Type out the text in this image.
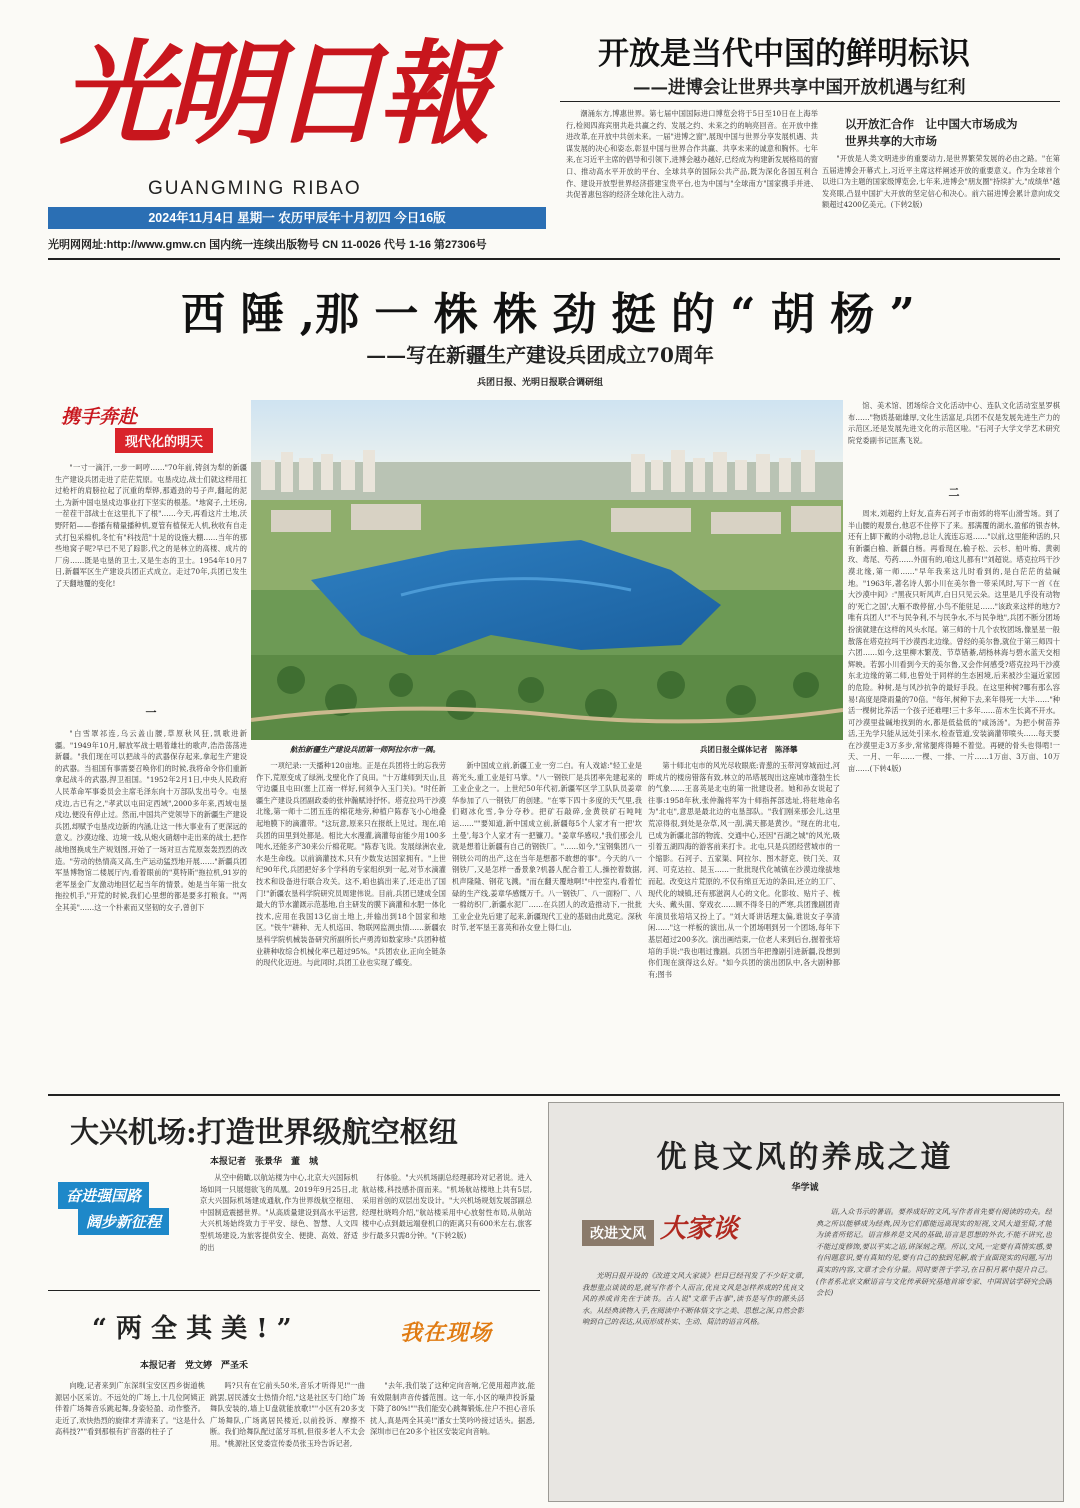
光明日報
GUANGMING RIBAO
2024年11月4日 星期一 农历甲辰年十月初四 今日16版
光明网网址:http://www.gmw.cn 国内统一连续出版物号 CN 11-0026 代号 1-16 第27306号
开放是当代中国的鲜明标识
——进博会让世界共享中国开放机遇与红利

潮涌东方,博惠世界。第七届中国国际进口博览会将于5日至10日在上海举行,检阅四海宾朋共赴共赢之约、发展之约、未来之约的响亮回音。在开放中推进改革,在开放中共创未来。一届"进博之窗",展现中国与世界分享发展机遇、共谋发展的决心和姿态,彰显中国与世界合作共赢、共享未来的诚意和胸怀。七年来,在习近平主席的倡导和引领下,进博会越办越好,已经成为构建新发展格局的窗口、推动高水平开放的平台、全球共享的国际公共产品,既为深化各国互利合作、建设开放型世界经济搭建宝贵平台,也为中国与"全球南方"国家携手并进、共促普惠包容的经济全球化注入动力。

以开放汇合作　让中国大市场成为
世界共享的大市场

"开放是人类文明进步的重要动力,是世界繁荣发展的必由之路。"在第五届进博会开幕式上,习近平主席这样阐述开放的重要意义。作为全球首个以进口为主题的国家级博览会,七年来,进博会"朋友圈"持续扩大,"成绩单"越发亮眼,凸显中国扩大开放的坚定信心和决心。前六届进博会累计意向成交额超过4200亿美元。(下转2版)

西 陲 ,那 一 株 株 劲 挺 的 “ 胡 杨 ”
——写在新疆生产建设兵团成立70周年
兵团日报、光明日报联合调研组
携手奔赴
现代化的明天

"一寸一滴汗,一步一呵哼……"70年前,铸剑为犁的新疆生产建设兵团走进了茫茫荒原。屯垦戍边,战士们就这样用扛过枪杆的肩膀拉起了沉重的犁铧,那遒劲的号子声,翻起的泥土,为新中国屯垦戍边事业打下坚实的根基。"地窝子,土坯房,一茬茬干部战士在这里扎下了根"……今天,再看这片土地,沃野阡陌——春播有精量播种机,夏管有植保无人机,秋收有自走式打包采棉机,冬忙有"科技范"十足的设施大棚……当年的那些地窝子呢?早已不见了踪影,代之的是林立的高楼、成片的厂房……既是屯垦的卫士,又是生态的卫士。1954年10月7日,新疆军区生产建设兵团正式成立。走过70年,兵团已发生了天翻地覆的变化!

一

"白雪罩祁连,乌云盖山腰,草原秋风狂,凯歌进新疆。"1949年10月,解放军战士唱着雄壮的歌声,浩浩荡荡进新疆。"我们现在可以把战斗的武器保存起来,拿起生产建设的武器。当祖国有事需要召唤你们的时候,我将命令你们重新拿起战斗的武器,捍卫祖国。"1952年2月1日,中央人民政府人民革命军事委员会主席毛泽东向十万部队发出号令。屯垦戍边,古已有之,"孝武以屯田定西域",2000多年来,西域屯垦戍边,便没有停止过。然而,中国共产党领导下的新疆生产建设兵团,却赋予屯垦戍边新的内涵,让这一伟大事业有了更深远的意义。沙漠边缘、边境一线,从炮火硝烟中走出来的战士,把作战地图换成生产规划图,开始了一场对亘古荒原轰轰烈烈的改造。"劳动的热情高又高,生产运动猛烈地开展……"新疆兵团军垦博物馆二楼展厅内,看着眼前的"莫特斯"拖拉机,91岁的老军垦金广友激动地回忆起当年的情景。她是当年第一批女拖拉机手,"开荒的时候,我们心里想的都是要多打粮食。""两全其美"……这一个朴素而又坚韧的女子,曾创下

航拍新疆生产建设兵团第一师阿拉尔市一隅。	兵团日报全媒体记者　陈泽攀

一项纪录:一天播种120亩地。正是在兵团将士的忘我劳作下,荒原变成了绿洲,戈壁化作了良田。"十万雄师到天山,且守边疆且屯田(塞上江南一样好,何须争入玉门关)。"时任新疆生产建设兵团副政委的张仲瀚赋诗抒怀。塔克拉玛干沙漠北缘,第一师十二团五连的棉花地旁,种植户陈春飞小心地叠起地膜下的滴灌带。"这玩意,原来只在报纸上见过。现在,咱兵团的田里到处都是。相比大水漫灌,滴灌每亩能少用100多吨水,还能多产30来公斤棉花呢。"陈春飞说。发展绿洲农业,水是生命线。以前滴灌技术,只有少数发达国家拥有。"上世纪90年代,兵团把好多个学科的专家组织到一起,对节水滴灌技术和设备进行联合攻关。这不,咱也搞出来了,还走出了国门!"新疆农垦科学院研究员周建伟说。目前,兵团已建成全国最大的节水灌溉示范基地,自主研发的膜下滴灌和水肥一体化技术,应用在我国13亿亩土地上,并输出到18个国家和地区。"铁牛"耕种、无人机巡田、物联网监测虫情……新疆农垦科学院机械装备研究所副所长卢勇涛如数家珍:"兵团种植业耕种收综合机械化率已超过95%。"兵团农业,正向全链条的现代化迈进。与此同时,兵团工业也实现了蝶变。

新中国成立前,新疆工业一穷二白。有人戏谑:"轻工业是蒋光头,重工业是钉马掌。"八一钢铁厂是兵团率先建起来的工业企业之一。上世纪50年代初,新疆军区学工队队员姜章华参加了八一钢铁厂的创建。"在零下四十多度的天气里,我们砌冰化雪,争分夺秒。把矿石敲碎,金黄铁矿石吨吨运……""要知道,新中国成立前,新疆每5个人家才有一把'坎土曼',每3个人家才有一把镰刀。"姜章华感叹,"我们那会儿就是想着让新疆有自己的钢铁厂。"……如今,"宝钢集团八一钢铁公司的出产,这在当年是想都不敢想的事"。今天的八一钢铁厂,又是怎样一番景象?机器人配合着工人,操控着数据,机声隆隆、钢花飞溅。"而在翻天覆地啊!"中控室内,看着忙碌的生产线,姜章华感慨万千。八一钢铁厂、八一面粉厂、八一棉纺织厂,新疆水泥厂……在兵团人的改造推动下,一批批工业企业先后建了起来,新疆现代工业的基础由此奠定。深秋时节,老军垦王喜英和孙女登上得仁山,

第十师北屯市的风光尽收眼底:青葱的玉带河穿城而过,河畔成片的楼房错落有致,林立的吊塔展现出这座城市蓬勃生长的气象……王喜英是北屯的第一批建设者。她和孙女说起了往事:1958年秋,张仲瀚将军为十师指挥部选址,将驻地命名为"北屯",意思是最北边的屯垦部队。"我们刚来那会儿,这里荒凉得很,到处是杂草,风一刮,满天都是黄沙。"现在的北屯,已成为新疆北部的物流、交通中心,还因"百湖之城"的风光,吸引着五湖四海的游客前来打卡。北屯,只是兵团经营城市的一个缩影。石河子、五家渠、阿拉尔、图木舒克、铁门关、双河、可克达拉、昆玉……一批批现代化城镇在沙漠边缘拔地而起。改变这片荒原的,不仅有绵亘无边的条田,还立的工厂、现代化的城镇,还有那滋润人心的文化。化影妆、贴片子、梳大头、戴头面、穿戏衣……顾不得冬日的严寒,兵团豫剧团青年演员张培培又扮上了。"刘大哥讲话理太偏,谁说女子享清闲……"这一样板的演出,从一个团场唱到另一个团场,每年下基层超过200多次。演出画结束,一位老人来到后台,握着张培培的手说:"我也唱过豫剧。兵团当年把豫剧引进新疆,没想到你们现在演得这么好。"如今兵团的演出团队中,各大剧种都有;图书

馆、美术馆、团场综合文化活动中心、连队文化活动室星罗棋布……"物质基础雄厚,文化生活富足,兵团不仅是发展先进生产力的示范区,还是发展先进文化的示范区啦。"石河子大学文学艺术研究院党委副书记匡燕飞说。

二

周末,刘超约上好友,直奔石河子市南郊的将军山滑雪场。到了半山腰的观景台,他忍不住停下了来。那满覆的湖水,盈郁的银杏林,还有上脚下戴的小动物,总让人流连忘返……"以前,这里能种活的,只有新疆白榆、新疆白杨。再看现在,榆子松、云杉、柏叶梅、黄刺玫、鸢尾、芍药……外面有的,咱这儿都有!"刘超说。塔克拉玛干沙漠北缘,第一师……"早年我来这儿时看到的,是白茫茫的盐碱地。"1963年,著名诗人郭小川在美尔鲁一带采风时,写下一首《在大沙漠中间》:"黑夜只听风声,白日只见云朵。这里是几乎没有动物的'死亡之国',大雁不敢停留,小鸟不能驻足……"该政来这样的地方?唯有兵团人!"不与民争利,不与民争水,不与民争地",兵团不断分团场扮演就建在这样的风头水尾。第三师的十几个农牧团场,像星星一般散落在塔克拉玛干沙漠西北边缘。曾经的美尔鲁,就位于第三师四十六团……如今,这里柳木繁茂、节草错綦,胡杨林海与碧水蓝天交相辉映。若郭小川看到今天的美尔鲁,又会作何感受?塔克拉玛干沙漠东北边缘的第二师,也曾处于同样的生态困境,后来被沙尘逼近家园的危险。种树,是与风沙抗争的最好手段。在这里种树?哪有那么容易!高度是降雨量的70倍。"每年,树种下去,来年得死一大半……"种活一棵树比养活一个孩子还难哩!三十多年……苗木生长离不开水。可沙漠里盐碱地找到的水,都是低盐低的"咸汤汤"。为把小树苗养活,王先学只能从远处引来水,检查管道,安装滴灌带喷头……每天要在沙漠里走3万多步,常常腿疼得睡不着觉。再硬的骨头也得啃!一天、一月、一年……一棵、一排、一片……1万亩、3万亩、10万亩……(下转4版)

大兴机场:打造世界级航空枢纽
本报记者　张景华　董　城
奋进强国路
阔步新征程

从空中俯瞰,以航站楼为中心,北京大兴国际机场如同一只展翅欲飞的凤凰。2019年9月25日,北京大兴国际机场建成通航,作为世界级航空枢纽、中国制造震撼世界。"从高质量建设到高水平运营,大兴机场始终致力于平安、绿色、智慧、人文四型机场建设,为旅客提供安全、便捷、高效、舒适的出

行体验。"大兴机场副总经理郝玲对记者说。进入航站楼,科技感扑面而来。"机场航站楼地上共有5层,采用首创的双层出发设计。"大兴机场规划发展部副总经理杜晓鸣介绍,"航站楼采用中心放射性布局,从航站楼中心点到最远端登机口的距离只有600米左右,旅客步行最多只需8分钟。"(下转2版)

“ 两 全 其 美 ! ”
本报记者　党文婷　严圣禾
我在现场

向晚,记者来到广东深圳宝安区西乡街道桃源居小区采访。不远处的广场上,十几位阿姨正伴着广场舞音乐跳起舞,身姿轻盈、动作整齐。走近了,欢快热烈的旋律才弄清来了。"这是什么高科技?""看到那根有扩音器的柱子了

吗?只有在它前头50米,音乐才听得见!"一曲跳罢,居民潘女士热情介绍,"这是社区专门给广场舞队安装的,墙上U盘就能放歌!""小区有20多支广场舞队,广场离居民楼近,以前投诉、摩擦不断。我们给舞队配过蓝牙耳机,但很多老人不太会用。"桃源社区党委宣传委员张玉玲告诉记者,

"去年,我们装了这种定向音响,它使用超声波,能有效限制声音传播范围。这一年,小区的噪声投诉量下降了80%!""我们能安心跳舞锻炼,住户不担心音乐扰人,真是两全其美!"潘女士笑吟吟接过话头。据悉,深圳市已在20多个社区安装定向音响。

优良文风的养成之道
华学诚
改进文风 大家谈

光明日报开设的《改进文风大家谈》栏目已经刊发了不少好文章,我想重点谈谈的是,就写作者个人而言,优良文风是怎样养成的?优良文风的养成首先在于读书。古人说"文章千古事",读书是写作的源头活水。从经典读物入手,在阅读中不断体悟文字之美、思想之深,自然会影响到自己的表达,从而形成朴实、生动、简洁的语言风格。

语,入众书示的暑语。要养成好的文风,写作者首先要有阅读的功夫。经典之所以能够成为经典,因为它们都能远离现实的短视,文风大道至简,才能为读者所铭记。语言修养是文风的基础,语言是思想的外衣,不能不讲究,也不能过度修饰,要以平实之语,讲深刻之理。所以,文风,一定要有真情实感,要有问题意识,要有真知灼见,要有自己的独到见解,敢于直面现实的问题,写出真实的内容,文章才会有分量。同时要善于学习,在日积月累中提升自己。(作者系北京文献语言与文化传承研究基地首席专家、中国训诂学研究会副会长)
